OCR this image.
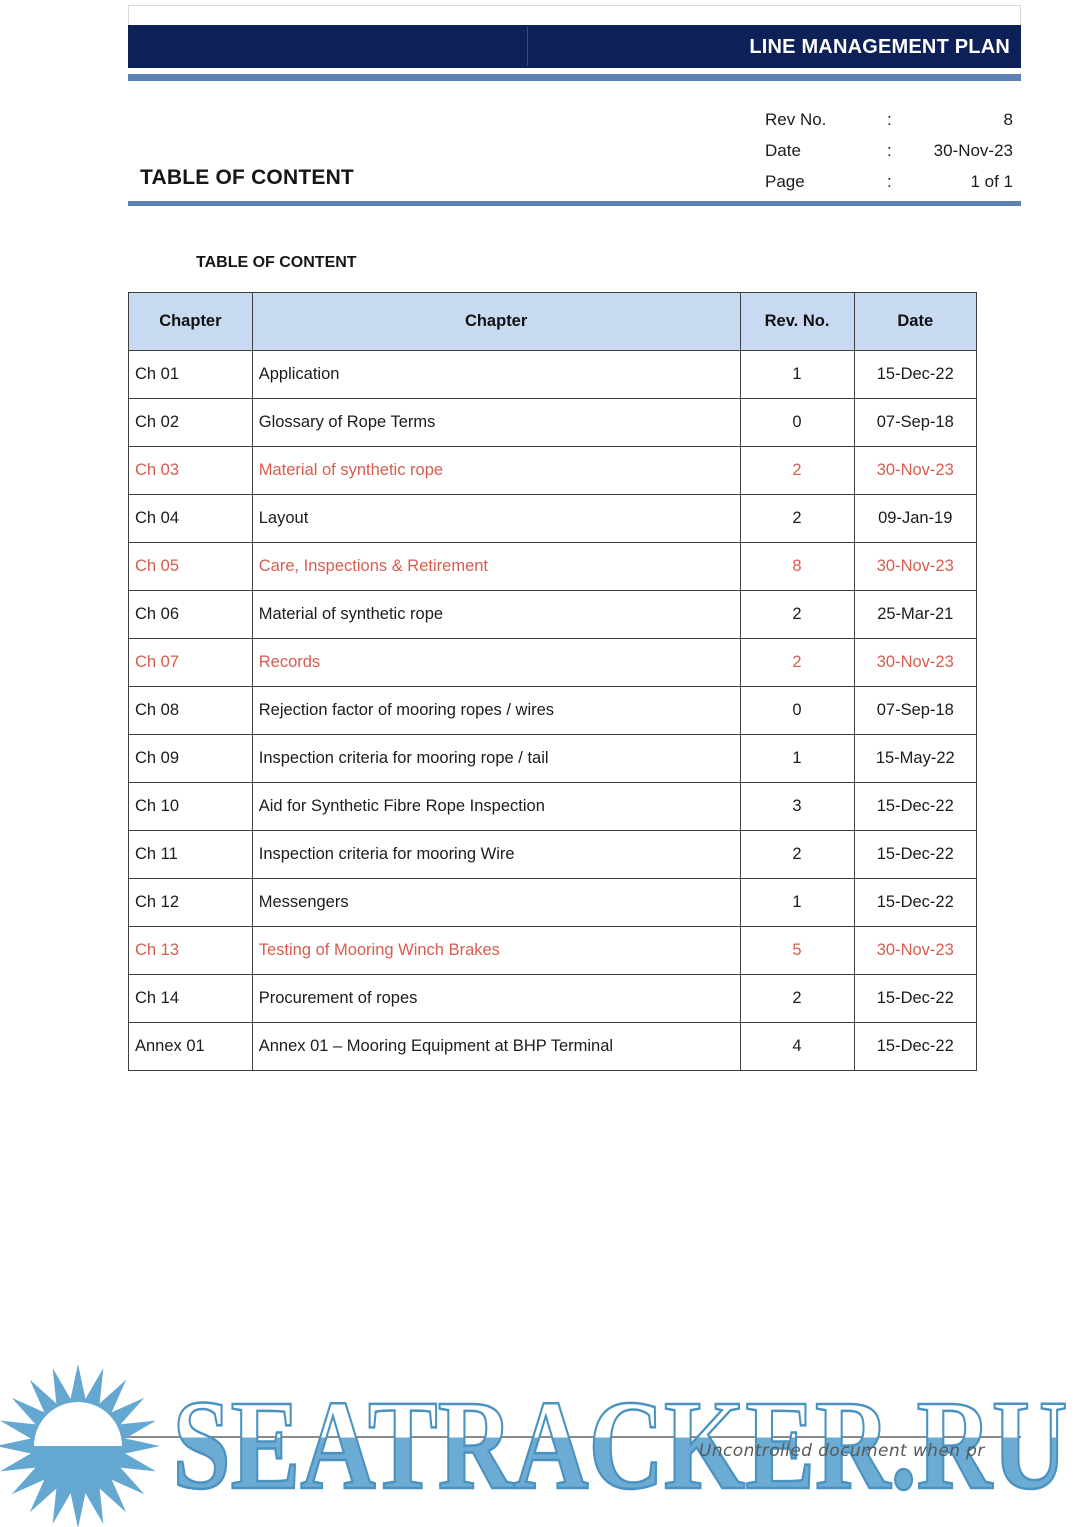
LINE MANAGEMENT PLAN
Rev No.	:	8
Date	:	30-Nov-23
Page	:	1 of 1
TABLE OF CONTENT
TABLE OF CONTENT
Chapter	Chapter	Rev. No.	Date
Ch 01	Application	1	15-Dec-22
Ch 02	Glossary of Rope Terms	0	07-Sep-18
Ch 03	Material of synthetic rope	2	30-Nov-23
Ch 04	Layout	2	09-Jan-19
Ch 05	Care, Inspections & Retirement	8	30-Nov-23
Ch 06	Material of synthetic rope	2	25-Mar-21
Ch 07	Records	2	30-Nov-23
Ch 08	Rejection factor of mooring ropes / wires	0	07-Sep-18
Ch 09	Inspection criteria for mooring rope / tail	1	15-May-22
Ch 10	Aid for Synthetic Fibre Rope Inspection	3	15-Dec-22
Ch 11	Inspection criteria for mooring Wire	2	15-Dec-22
Ch 12	Messengers	1	15-Dec-22
Ch 13	Testing of Mooring Winch Brakes	5	30-Nov-23
Ch 14	Procurement of ropes	2	15-Dec-22
Annex 01	Annex 01 – Mooring Equipment at BHP Terminal	4	15-Dec-22
SEATRACKER.RU
Uncontrolled document when pr
